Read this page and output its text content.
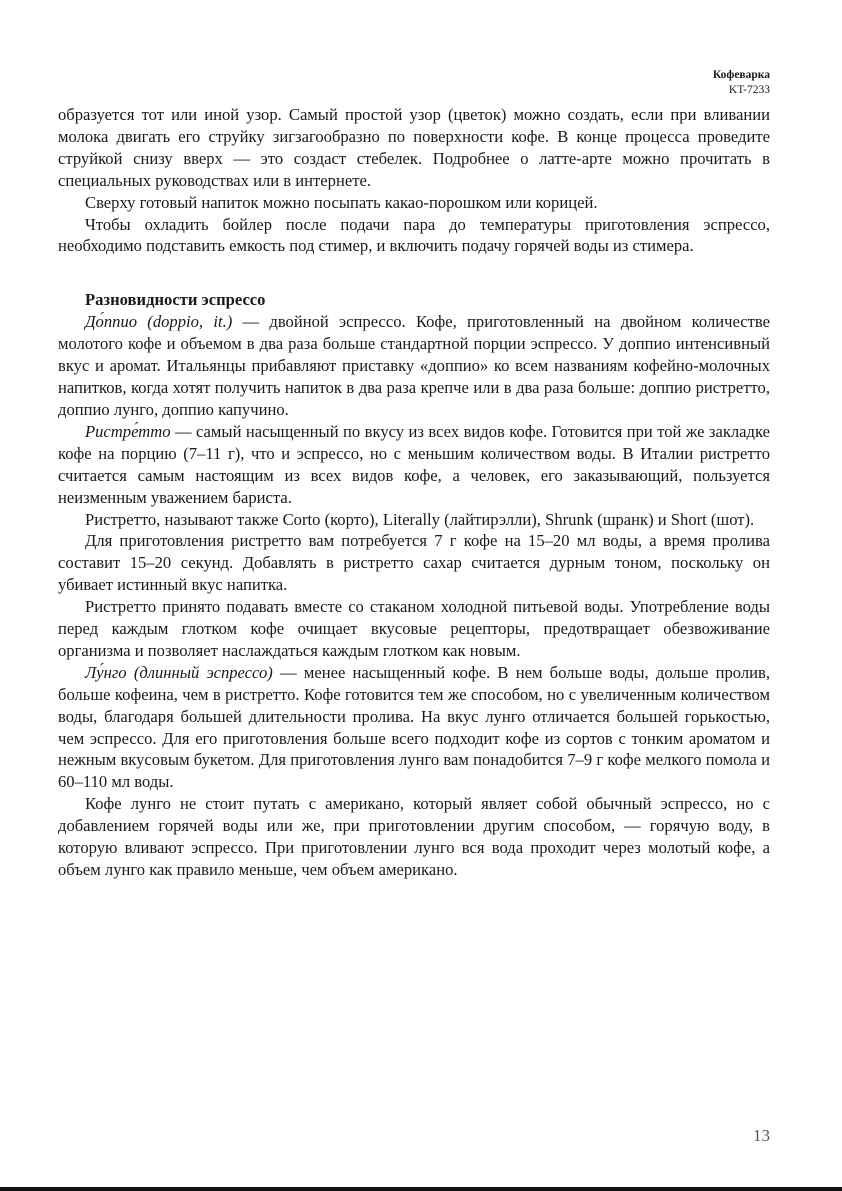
Кофеварка
KT-7233

образуется тот или иной узор. Самый простой узор (цветок) можно создать, если при вливании молока двигать его струйку зигзагообразно по поверхности кофе. В конце процесса проведите струйкой снизу вверх — это создаст стебелек. Подробнее о латте-арте можно прочитать в специальных руководствах или в интернете.

Сверху готовый напиток можно посыпать какао-порошком или корицей.

Чтобы охладить бойлер после подачи пара до температуры приготовления эспрессо, необходимо подставить емкость под стимер, и включить подачу горячей воды из стимера.

Разновидности эспрессо

До́ппио (doppio, it.) — двойной эспрессо. Кофе, приготовленный на двойном количестве молотого кофе и объемом в два раза больше стандартной порции эспрессо. У доппио интенсивный вкус и аромат. Итальянцы прибавляют приставку «доппио» ко всем названиям кофейно-молочных напитков, когда хотят получить напиток в два раза крепче или в два раза больше: доппио ристретто, доппио лунго, доппио капучино.

Ристре́тто — самый насыщенный по вкусу из всех видов кофе. Готовится при той же закладке кофе на порцию (7–11 г), что и эспрессо, но с меньшим количеством воды. В Италии ристретто считается самым настоящим из всех видов кофе, а человек, его заказывающий, пользуется неизменным уважением бариста.

Ристретто, называют также Corto (корто), Literally (лайтирэлли), Shrunk (шранк) и Short (шот).

Для приготовления ристретто вам потребуется 7 г кофе на 15–20 мл воды, а время пролива составит 15–20 секунд. Добавлять в ристретто сахар считается дурным тоном, поскольку он убивает истинный вкус напитка.

Ристретто принято подавать вместе со стаканом холодной питьевой воды. Употребление воды перед каждым глотком кофе очищает вкусовые рецепторы, предотвращает обезвоживание организма и позволяет наслаждаться каждым глотком как новым.

Лу́нго (длинный эспрессо) — менее насыщенный кофе. В нем больше воды, дольше пролив, больше кофеина, чем в ристретто. Кофе готовится тем же способом, но с увеличенным количеством воды, благодаря большей длительности пролива. На вкус лунго отличается большей горькостью, чем эспрессо. Для его приготовления больше всего подходит кофе из сортов с тонким ароматом и нежным вкусовым букетом. Для приготовления лунго вам понадобится 7–9 г кофе мелкого помола и 60–110 мл воды.

Кофе лунго не стоит путать с американо, который являет собой обычный эспрессо, но с добавлением горячей воды или же, при приготовлении другим способом, — горячую воду, в которую вливают эспрессо. При приготовлении лунго вся вода проходит через молотый кофе, а объем лунго как правило меньше, чем объем американо.

13
